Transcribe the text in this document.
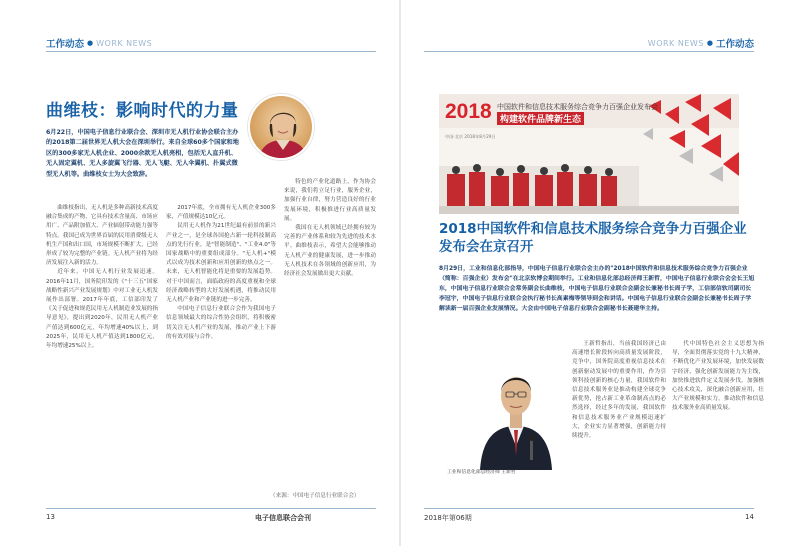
工作动态 ● WORK NEWS	WORK NEWS ● 工作动态
曲维枝：影响时代的力量

6月22日，中国电子信息行业联合会、深圳市无人机行业协会联合主办的2018第二届世界无人机大会在深圳举行。来自全球60多个国家和地区的300多家无人机企业、2000余款无人机亮相，包括无人直升机、无人固定翼机、无人多旋翼飞行器、无人飞艇、无人伞翼机、扑翼式微型无人机等。曲维枝女士为大会致辞。

曲维枝指出，无人机是多种高新技术高度融合集成的产物，它具有技术含量高、市场应用广、产品附加值大、产业辐射带动能力强等特点。我国已成为世界首届的民用消费级无人机生产国和出口国，市场规模不断扩大，已经形成了较为完整的产业链。无人机产业将为经济发展注入新的活力。

近年来，中国无人机行业发展迅速。2016年11月，国务院印发的《"十三五"国家战略性新兴产业发展规划》中对工业无人机发展作出部署。2017年年底，工信部印发了《关于促进和规范民用无人机制造业发展的指导意见》，提出到2020年，民用无人机产业产值达到600亿元，年均增速40%以上，到2025年，民用无人机产值达到1800亿元，年均增速25%以上。

2017年底，全市拥有无人机企业300多家，产值规模达10亿元。

民用无人机作为21世纪最有前景的新兴产业之一，是全球各国抢占新一轮科技制高点的先行行业，是"智能制造"、"工业4.0"等国家战略中的重要组成部分。"无人机+"模式以成为技术创新和应用创新的热点之一。未来，无人机智能化将是重要的发展趋势。对于中国而言，面临政府的高度重视和全球经济战略转型的大好发展机遇，将推动民用无人机产业和产业链的进一步完善。

中国电子信息行业联合会作为我国电子信息领域最大的综合性协会组织，将积极密切关注无人机产业的发展，推动产业上下游的有效对接与合作。

特色的产业化道路上，作为协会来说，我们将立足行业，服务企业，加强行业自律，努力营造良好的行业发展环境，积极推进行业高质量发展。

我国在无人机领域已经拥有较为完善的产业体系和较为先进的技术水平。曲维枝表示，希望大会能够推动无人机产业的健康发展，进一步推动无人机技术在各领域的创新应用，为经济社会发展做出更大贡献。

（来源：中国电子信息行业联合会）
2018 中国软件和信息技术服务综合竞争力百强企业发布会
构建软件品牌新生态
中国·北京 2018年8月29日
2018中国软件和信息技术服务综合竞争力百强企业发布会在京召开

8月29日，工业和信息化部指导，中国电子信息行业联合会主办的"2018中国软件和信息技术服务综合竞争力百强企业（简称：百强企业）发布会"在北京软博会期间举行。工业和信息化部总经济师王新哲，中国电子信息行业联合会会长王旭东，中国电子信息行业联合会常务副会长曲维枝，中国电子信息行业联合会副会长兼秘书长周子学，工信部信软司副司长李冠宇，中国电子信息行业联合会执行秘书长高素梅等领导到会和讲话。中国电子信息行业联合会副会长兼秘书长周子学解读新一届百强企业发展情况。大会由中国电子信息行业联合会副秘书长聂建华主持。

工业和信息化部总经济师 王新哲

王新哲指出，当前我国经济已由高速增长阶段转向高质量发展阶段，竞争中，国务院高度重视信息技术在创新驱动发展中的重要作用，作为引领科技创新的核心力量，我国软件和信息技术服务业是推动构建全球竞争新优势，抢占新工业革命制高点的必然选择，经过多年的发展，我国软件和信息技术服务业产业规模迅速扩大，企业实力显著增强，创新能力持续提升。

代中国特色社会主义思想为指导，全面贯彻落实党的十九大精神，不断优化产业发展环境，加快发展数字经济，强化创新发展能力为主线，加快推进软件定义发展步伐，加强核心技术攻关，深化融合创新应用，壮大产业规模和实力，推动软件和信息技术服务业高质量发展。

13	电子信息联合会刊	2018年第06期	14
